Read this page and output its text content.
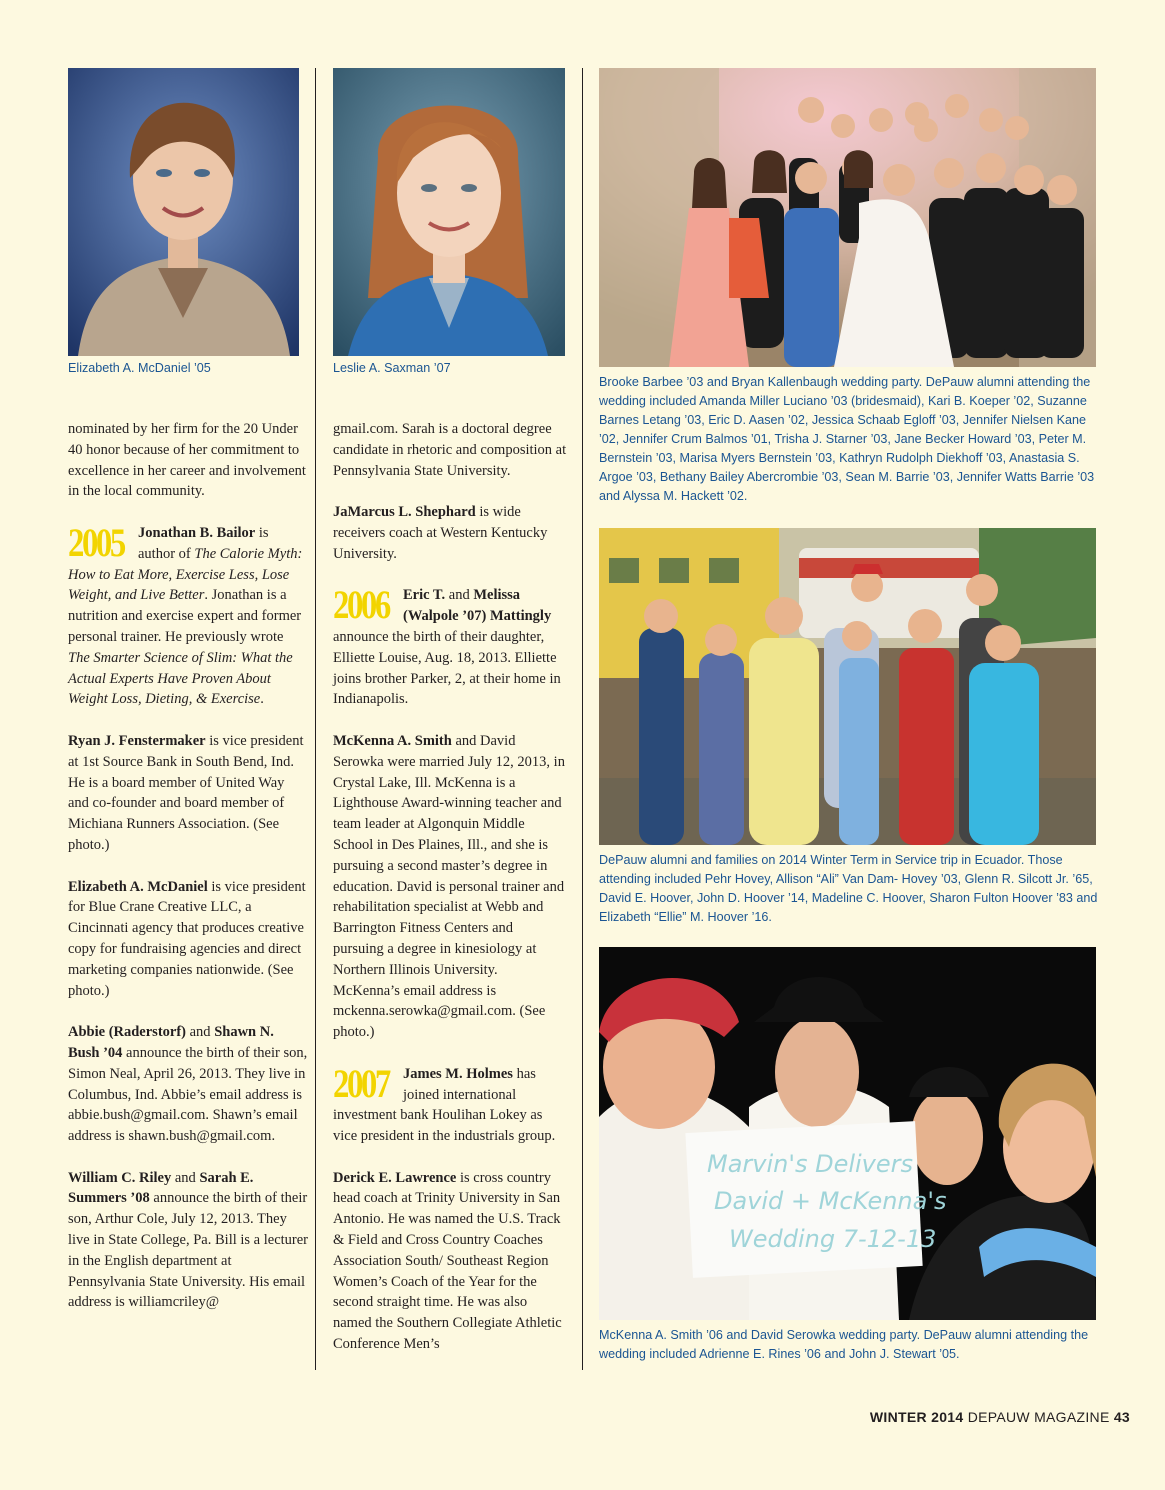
Elizabeth A. McDaniel ’05	Leslie A. Saxman ’07
Brooke Barbee ’03 and Bryan Kallenbaugh wedding party. DePauw alumni attending the wedding included Amanda Miller Luciano ’03 (bridesmaid), Kari B. Koeper ’02, Suzanne Barnes Letang ’03, Eric D. Aasen ’02, Jessica Schaab Egloff ’03, Jennifer Nielsen Kane ’02, Jennifer Crum Balmos ’01, Trisha J. Starner ’03, Jane Becker Howard ’03, Peter M. Bernstein ’03, Marisa Myers Bernstein ’03, Kathryn Rudolph Diekhoff ’03, Anastasia S. Argoe ’03, Bethany Bailey Abercrombie ’03, Sean M. Barrie ’03, Jennifer Watts Barrie ’03 and Alyssa M. Hackett ’02.
DePauw alumni and families on 2014 Winter Term in Service trip in Ecuador. Those attending included Pehr Hovey, Allison “Ali” Van Dam- Hovey ’03, Glenn R. Silcott Jr. ’65, David E. Hoover, John D. Hoover ’14, Madeline C. Hoover, Sharon Fulton Hoover ’83 and Elizabeth “Ellie” M. Hoover ’16.
Marvin's Delivers
David + McKenna's
Wedding 7-12-13
McKenna A. Smith ’06 and David Serowka wedding party. DePauw alumni attending the wedding included Adrienne E. Rines ’06 and John J. Stewart ’05.

nominated by her firm for the 20 Under 40 honor because of her commitment to excellence in her career and involvement in the local community.

2005 Jonathan B. Bailor is author of The Calorie Myth: How to Eat More, Exercise Less, Lose Weight, and Live Better. Jonathan is a nutrition and exercise expert and former personal trainer. He previously wrote The Smarter Science of Slim: What the Actual Experts Have Proven About Weight Loss, Dieting, & Exercise.

Ryan J. Fenstermaker is vice president at 1st Source Bank in South Bend, Ind. He is a board member of United Way and co-founder and board member of Michiana Runners Association. (See photo.)

Elizabeth A. McDaniel is vice president for Blue Crane Creative LLC, a Cincinnati agency that produces creative copy for fundraising agencies and direct marketing companies nationwide. (See photo.)

Abbie (Raderstorf) and Shawn N. Bush ’04 announce the birth of their son, Simon Neal, April 26, 2013. They live in Columbus, Ind. Abbie’s email address is abbie.bush@gmail.com. Shawn’s email address is shawn.bush@gmail.com.

William C. Riley and Sarah E. Summers ’08 announce the birth of their son, Arthur Cole, July 12, 2013. They live in State College, Pa. Bill is a lecturer in the English department at Pennsylvania State University. His email address is williamcriley@

gmail.com. Sarah is a doctoral degree candidate in rhetoric and composition at Pennsylvania State University.

JaMarcus L. Shephard is wide receivers coach at Western Kentucky University.

2006 Eric T. and Melissa (Walpole ’07) Mattingly announce the birth of their daughter, Elliette Louise, Aug. 18, 2013. Elliette joins brother Parker, 2, at their home in Indianapolis.

McKenna A. Smith and David Serowka were married July 12, 2013, in Crystal Lake, Ill. McKenna is a Lighthouse Award-winning teacher and team leader at Algonquin Middle School in Des Plaines, Ill., and she is pursuing a second master’s degree in education. David is personal trainer and rehabilitation specialist at Webb and Barrington Fitness Centers and pursuing a degree in kinesiology at Northern Illinois University. McKenna’s email address is mckenna.serowka@gmail.com. (See photo.)

2007 James M. Holmes has joined international investment bank Houlihan Lokey as vice president in the industrials group.

Derick E. Lawrence is cross country head coach at Trinity University in San Antonio. He was named the U.S. Track & Field and Cross Country Coaches Association South/ Southeast Region Women’s Coach of the Year for the second straight time. He was also named the Southern Collegiate Athletic Conference Men’s

WINTER 2014 DEPAUW MAGAZINE 43
